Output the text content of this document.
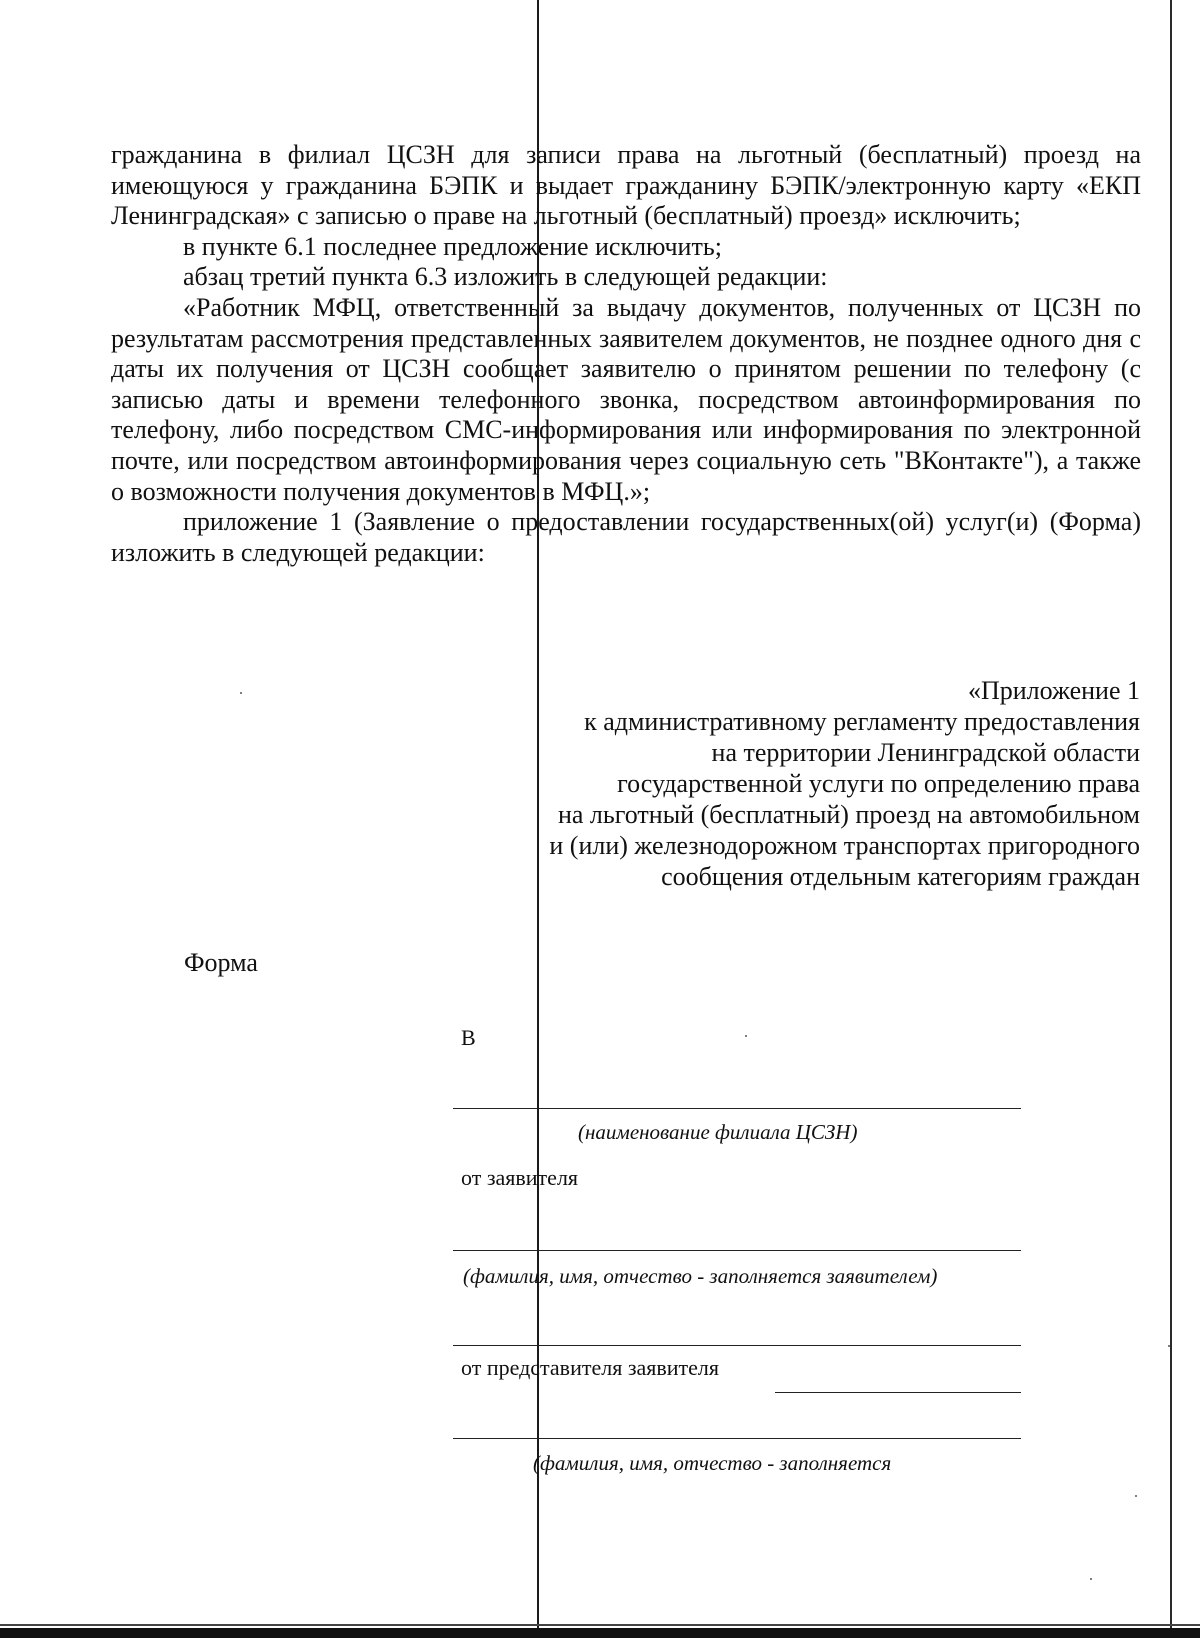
гражданина в филиал ЦСЗН для записи права на льготный (бесплатный) проезд на имеющуюся у гражданина БЭПК и выдает гражданину БЭПК/электронную карту «ЕКП Ленинградская» с записью о праве на льготный (бесплатный) проезд» исключить;

в пункте 6.1 последнее предложение исключить;

абзац третий пункта 6.3 изложить в следующей редакции:

«Работник МФЦ, ответственный за выдачу документов, полученных от ЦСЗН по результатам рассмотрения представленных заявителем документов, не позднее одного дня с даты их получения от ЦСЗН сообщает заявителю о принятом решении по телефону (с записью даты и времени телефонного звонка, посредством автоинформирования по телефону, либо посредством СМС-информирования или информирования по электронной почте, или посредством автоинформирования через социальную сеть "ВКонтакте"), а также о возможности получения документов в МФЦ.»;

приложение 1 (Заявление о предоставлении государственных(ой) услуг(и) (Форма) изложить в следующей редакции:

«Приложение 1
к административному регламенту предоставления
на территории Ленинградской области
государственной услуги по определению права
на льготный (бесплатный) проезд на автомобильном
и (или) железнодорожном транспортах пригородного
сообщения отдельным категориям граждан
Форма
В
(наименование филиала ЦСЗН)
от заявителя
(фамилия, имя, отчество - заполняется заявителем)
от представителя заявителя
(фамилия, имя, отчество - заполняется
